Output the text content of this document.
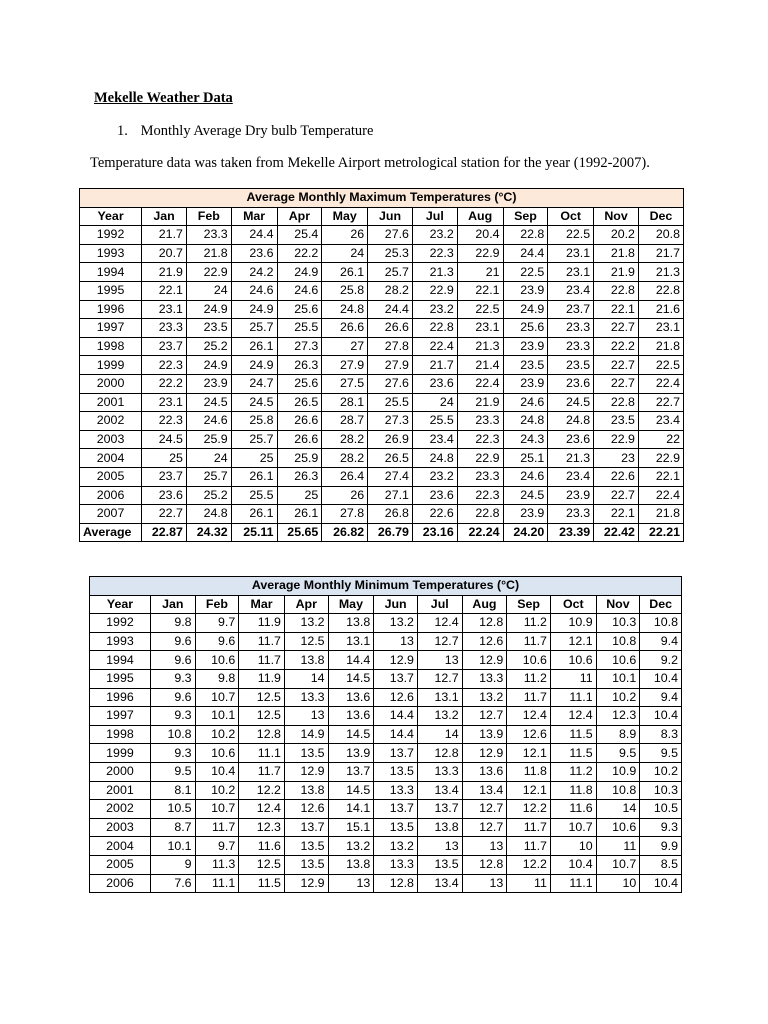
Mekelle Weather Data
1. Monthly Average Dry bulb Temperature
Temperature data was taken from Mekelle Airport metrological station for the year (1992-2007).
Average Monthly Maximum Temperatures (°C)												
Year	Jan	Feb	Mar	Apr	May	Jun	Jul	Aug	Sep	Oct	Nov	Dec
1992	21.7	23.3	24.4	25.4	26	27.6	23.2	20.4	22.8	22.5	20.2	20.8
1993	20.7	21.8	23.6	22.2	24	25.3	22.3	22.9	24.4	23.1	21.8	21.7
1994	21.9	22.9	24.2	24.9	26.1	25.7	21.3	21	22.5	23.1	21.9	21.3
1995	22.1	24	24.6	24.6	25.8	28.2	22.9	22.1	23.9	23.4	22.8	22.8
1996	23.1	24.9	24.9	25.6	24.8	24.4	23.2	22.5	24.9	23.7	22.1	21.6
1997	23.3	23.5	25.7	25.5	26.6	26.6	22.8	23.1	25.6	23.3	22.7	23.1
1998	23.7	25.2	26.1	27.3	27	27.8	22.4	21.3	23.9	23.3	22.2	21.8
1999	22.3	24.9	24.9	26.3	27.9	27.9	21.7	21.4	23.5	23.5	22.7	22.5
2000	22.2	23.9	24.7	25.6	27.5	27.6	23.6	22.4	23.9	23.6	22.7	22.4
2001	23.1	24.5	24.5	26.5	28.1	25.5	24	21.9	24.6	24.5	22.8	22.7
2002	22.3	24.6	25.8	26.6	28.7	27.3	25.5	23.3	24.8	24.8	23.5	23.4
2003	24.5	25.9	25.7	26.6	28.2	26.9	23.4	22.3	24.3	23.6	22.9	22
2004	25	24	25	25.9	28.2	26.5	24.8	22.9	25.1	21.3	23	22.9
2005	23.7	25.7	26.1	26.3	26.4	27.4	23.2	23.3	24.6	23.4	22.6	22.1
2006	23.6	25.2	25.5	25	26	27.1	23.6	22.3	24.5	23.9	22.7	22.4
2007	22.7	24.8	26.1	26.1	27.8	26.8	22.6	22.8	23.9	23.3	22.1	21.8
Average	22.87	24.32	25.11	25.65	26.82	26.79	23.16	22.24	24.20	23.39	22.42	22.21
Average Monthly Minimum Temperatures (°C)												
Year	Jan	Feb	Mar	Apr	May	Jun	Jul	Aug	Sep	Oct	Nov	Dec
1992	9.8	9.7	11.9	13.2	13.8	13.2	12.4	12.8	11.2	10.9	10.3	10.8
1993	9.6	9.6	11.7	12.5	13.1	13	12.7	12.6	11.7	12.1	10.8	9.4
1994	9.6	10.6	11.7	13.8	14.4	12.9	13	12.9	10.6	10.6	10.6	9.2
1995	9.3	9.8	11.9	14	14.5	13.7	12.7	13.3	11.2	11	10.1	10.4
1996	9.6	10.7	12.5	13.3	13.6	12.6	13.1	13.2	11.7	11.1	10.2	9.4
1997	9.3	10.1	12.5	13	13.6	14.4	13.2	12.7	12.4	12.4	12.3	10.4
1998	10.8	10.2	12.8	14.9	14.5	14.4	14	13.9	12.6	11.5	8.9	8.3
1999	9.3	10.6	11.1	13.5	13.9	13.7	12.8	12.9	12.1	11.5	9.5	9.5
2000	9.5	10.4	11.7	12.9	13.7	13.5	13.3	13.6	11.8	11.2	10.9	10.2
2001	8.1	10.2	12.2	13.8	14.5	13.3	13.4	13.4	12.1	11.8	10.8	10.3
2002	10.5	10.7	12.4	12.6	14.1	13.7	13.7	12.7	12.2	11.6	14	10.5
2003	8.7	11.7	12.3	13.7	15.1	13.5	13.8	12.7	11.7	10.7	10.6	9.3
2004	10.1	9.7	11.6	13.5	13.2	13.2	13	13	11.7	10	11	9.9
2005	9	11.3	12.5	13.5	13.8	13.3	13.5	12.8	12.2	10.4	10.7	8.5
2006	7.6	11.1	11.5	12.9	13	12.8	13.4	13	11	11.1	10	10.4
